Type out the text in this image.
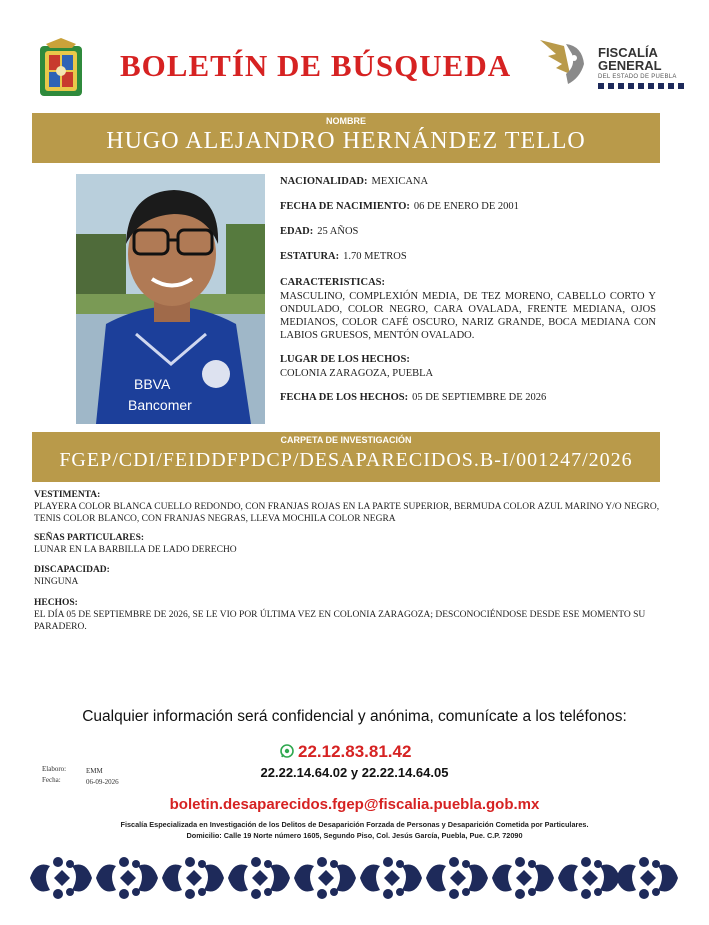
BOLETÍN DE BÚSQUEDA	FISCALÍA
GENERAL
DEL ESTADO DE PUEBLA
NOMBRE
HUGO ALEJANDRO HERNÁNDEZ TELLO
BBVA
Bancomer
NACIONALIDAD: MEXICANA
FECHA DE NACIMIENTO: 06 DE ENERO DE 2001
EDAD: 25 AÑOS
ESTATURA: 1.70 METROS
CARACTERISTICAS:
MASCULINO, COMPLEXIÓN MEDIA, DE TEZ MORENO, CABELLO CORTO Y ONDULADO, COLOR NEGRO, CARA OVALADA, FRENTE MEDIANA, OJOS MEDIANOS, COLOR CAFÉ OSCURO, NARIZ GRANDE, BOCA MEDIANA CON LABIOS GRUESOS, MENTÓN OVALADO.
LUGAR DE LOS HECHOS:
COLONIA ZARAGOZA, PUEBLA
FECHA DE LOS HECHOS: 05 DE SEPTIEMBRE DE 2026
CARPETA DE INVESTIGACIÓN
FGEP/CDI/FEIDDFPDCP/DESAPARECIDOS.B-I/001247/2026
VESTIMENTA:
PLAYERA COLOR BLANCA CUELLO REDONDO, CON FRANJAS ROJAS EN LA PARTE SUPERIOR, BERMUDA COLOR AZUL MARINO Y/O NEGRO, TENIS COLOR BLANCO, CON FRANJAS NEGRAS, LLEVA MOCHILA COLOR NEGRA
SEÑAS PARTICULARES:
LUNAR EN LA BARBILLA DE LADO DERECHO
DISCAPACIDAD:
NINGUNA
HECHOS:
EL DÍA 05 DE SEPTIEMBRE DE 2026, SE LE VIO POR ÚLTIMA VEZ EN COLONIA ZARAGOZA; DESCONOCIÉNDOSE DESDE ESE MOMENTO SU PARADERO.
Cualquier información será confidencial y anónima, comunícate a los teléfonos:
22.12.83.81.42
22.22.14.64.02 y 22.22.14.64.05
Elaboro:	EMM
Fecha:	06-09-2026
boletin.desaparecidos.fgep@fiscalia.puebla.gob.mx
Fiscalía Especializada en Investigación de los Delitos de Desaparición Forzada de Personas y Desaparición Cometida por Particulares.
Domicilio: Calle 19 Norte número 1605, Segundo Piso, Col. Jesús García, Puebla, Pue. C.P. 72090
